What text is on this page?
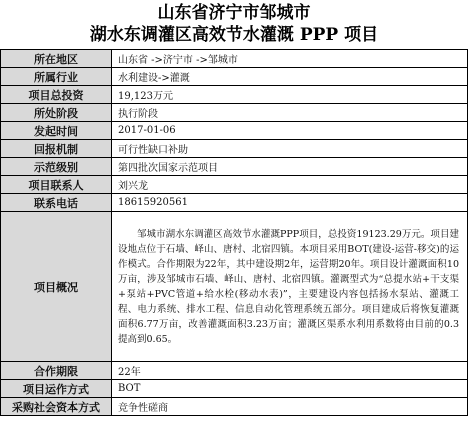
山东省济宁市邹城市
湖水东调灌区高效节水灌溉 PPP 项目
所在地区	山东省 ->济宁市 ->邹城市
所属行业	水利建设->灌溉
项目总投资	19,123万元
所处阶段	执行阶段
发起时间	2017-01-06
回报机制	可行性缺口补助
示范级别	第四批次国家示范项目
项目联系人	刘兴龙
联系电话	18615920561
项目概况	邹城市湖水东调灌区高效节水灌溉PPP项目，总投资19123.29万元。项目建设地点位于石墙、峄山、唐村、北宿四镇。本项目采用BOT(建设-运营-移交)的运作模式。合作期限为22年，其中建设期2年，运营期20年。项目设计灌溉面积10万亩，涉及邹城市石墙、峄山、唐村、北宿四镇。灌溉型式为“总提水站+干支渠+泵站+PVC管道+给水栓(移动水表)”，主要建设内容包括扬水泵站、灌溉工程、电力系统、排水工程、信息自动化管理系统五部分。项目建成后将恢复灌溉面积6.77万亩，改善灌溉面积3.23万亩；灌溉区渠系水利用系数将由目前的0.3提高到0.65。
合作期限	22年
项目运作方式	BOT
采购社会资本方式	竞争性磋商
